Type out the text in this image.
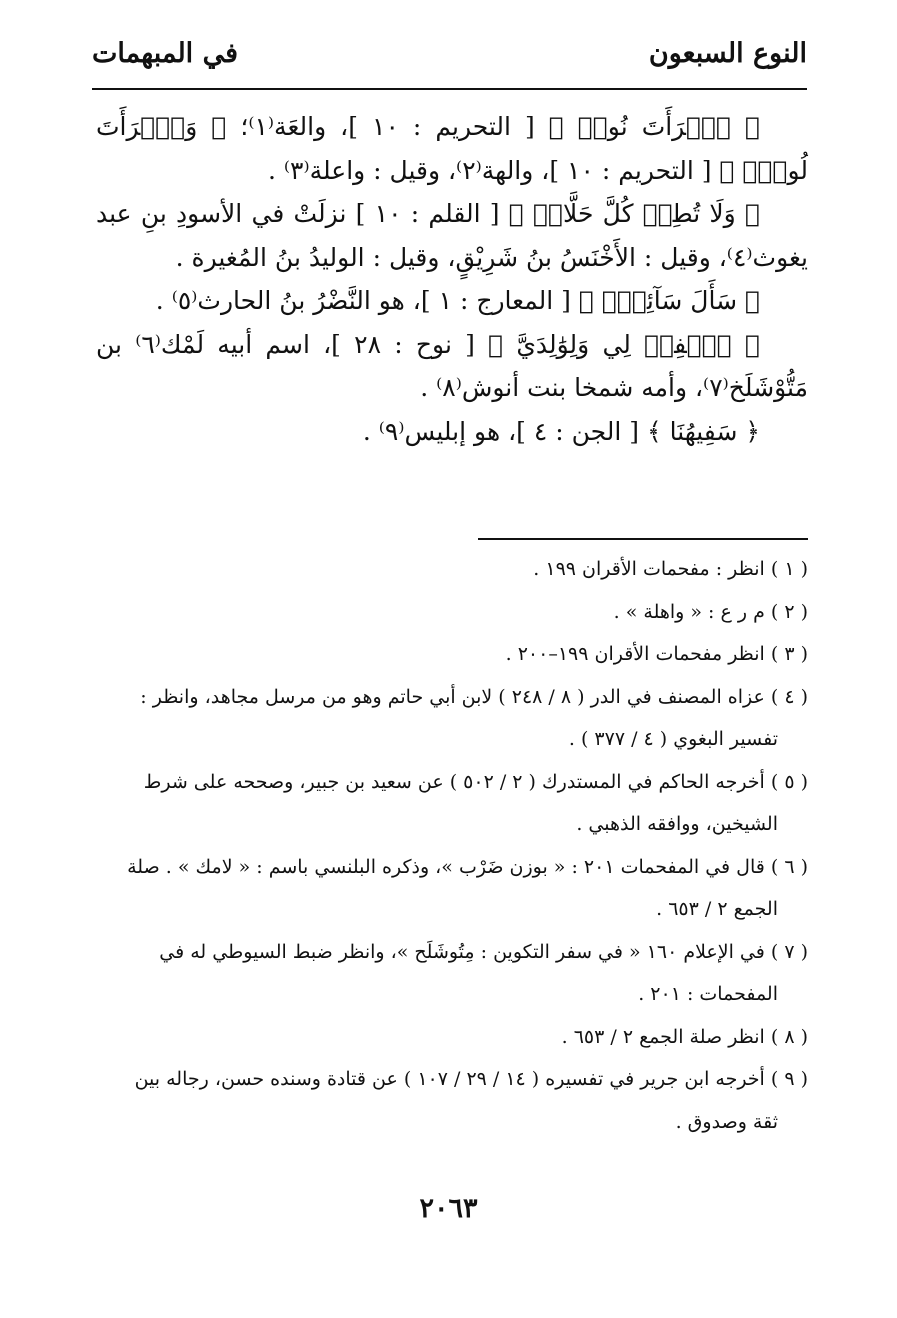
النوع السبعون
في المبهمات

﴿ ٱمۡرَأَتَ نُوحٖ ﴾ [ التحريم : ١٠ ]، والعَة⁽١⁾؛ ﴿ وَٱمۡرَأَتَ لُوطٖۖ ﴾ [ التحريم : ١٠ ]، والهة⁽٢⁾، وقيل : واعلة⁽٣⁾ .

﴿ وَلَا تُطِعۡ كُلَّ حَلَّافٖ ﴾ [ القلم : ١٠ ] نزلَتْ في الأسودِ بنِ عبد يغوث⁽٤⁾، وقيل : الأَخْنَسُ بنُ شَرِيْقٍ، وقيل : الوليدُ بنُ المُغيرة .

﴿ سَأَلَ سَآئِلُۢ ﴾ [ المعارج : ١ ]، هو النَّضْرُ بنُ الحارث⁽٥⁾ .

﴿ ٱغۡفِرۡ لِي وَلِوَٰلِدَيَّ ﴾ [ نوح : ٢٨ ]، اسم أبيه لَمْك⁽٦⁾ بن مَتُّوْشَلَخ⁽٧⁾، وأمه شمخا بنت أنوش⁽٨⁾ .

﴿ سَفِيهُنَا ﴾ [ الجن : ٤ ]، هو إبليس⁽٩⁾ .

( ١ ) انظر : مفحمات الأقران ١٩٩ .

( ٢ ) م ر ع : « واهلة » .

( ٣ ) انظر مفحمات الأقران ١٩٩–٢٠٠ .

( ٤ ) عزاه المصنف في الدر ( ٨ / ٢٤٨ ) لابن أبي حاتم وهو من مرسل مجاهد، وانظر :
تفسير البغوي ( ٤ / ٣٧٧ ) .

( ٥ ) أخرجه الحاكم في المستدرك ( ٢ / ٥٠٢ ) عن سعيد بن جبير، وصححه على شرط
الشيخين، ووافقه الذهبي .

( ٦ ) قال في المفحمات ٢٠١ : « بوزن ضَرْب »، وذكره البلنسي باسم : « لامك » . صلة
الجمع ٢ / ٦٥٣ .

( ٧ ) في الإعلام ١٦٠ « في سفر التكوين : مِتُوشَلَح »، وانظر ضبط السيوطي له في
المفحمات : ٢٠١ .

( ٨ ) انظر صلة الجمع ٢ / ٦٥٣ .

( ٩ ) أخرجه ابن جرير في تفسيره ( ١٤ / ٢٩ / ١٠٧ ) عن قتادة وسنده حسن، رجاله بين
ثقة وصدوق .

٢٠٦٣
